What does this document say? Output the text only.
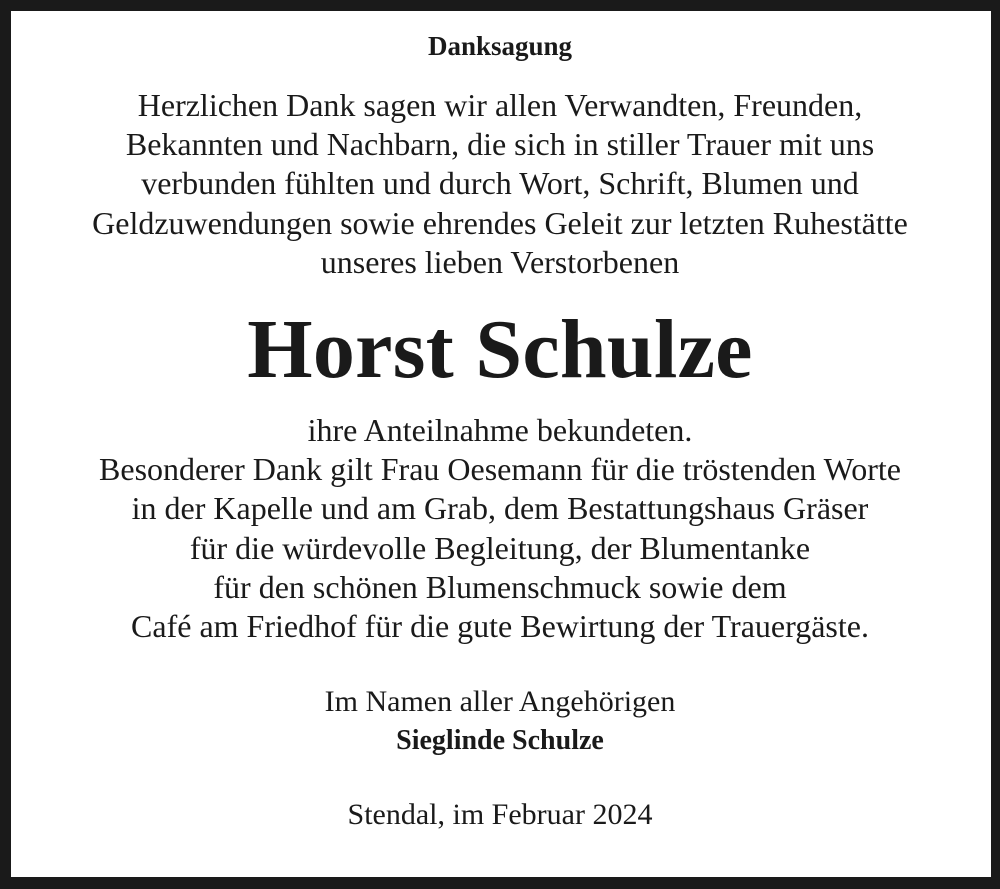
Danksagung
Herzlichen Dank sagen wir allen Verwandten, Freunden,
Bekannten und Nachbarn, die sich in stiller Trauer mit uns
verbunden fühlten und durch Wort, Schrift, Blumen und
Geldzuwendungen sowie ehrendes Geleit zur letzten Ruhestätte
unseres lieben Verstorbenen
Horst Schulze
ihre Anteilnahme bekundeten.
Besonderer Dank gilt Frau Oesemann für die tröstenden Worte
in der Kapelle und am Grab, dem Bestattungshaus Gräser
für die würdevolle Begleitung, der Blumentanke
für den schönen Blumenschmuck sowie dem
Café am Friedhof für die gute Bewirtung der Trauergäste.
Im Namen aller Angehörigen
Sieglinde Schulze
Stendal, im Februar 2024
